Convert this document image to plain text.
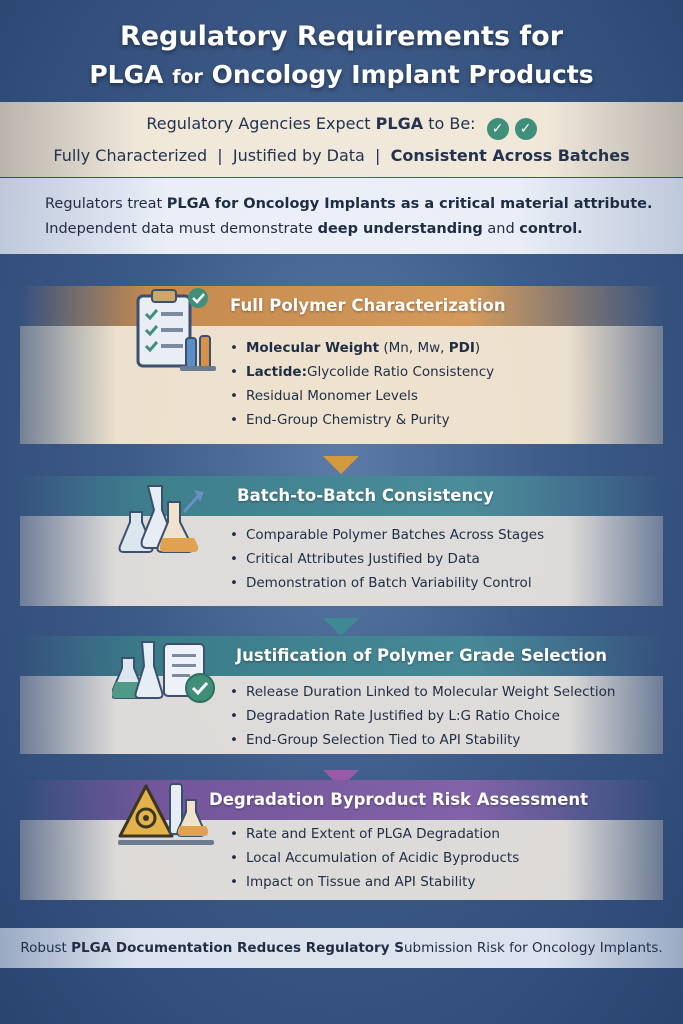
Regulatory Requirements for
PLGA for Oncology Implant Products
Regulatory Agencies Expect PLGA to Be: ✓ ✓
Fully Characterized | Justified by Data | Consistent Across Batches
Regulators treat PLGA for Oncology Implants as a critical material attribute.
Independent data must demonstrate deep understanding and control.
Full Polymer Characterization
• Molecular Weight (Mn, Mw, PDI)
• Lactide:Glycolide Ratio Consistency
• Residual Monomer Levels
• End-Group Chemistry & Purity
Batch-to-Batch Consistency
• Comparable Polymer Batches Across Stages
• Critical Attributes Justified by Data
• Demonstration of Batch Variability Control
Justification of Polymer Grade Selection
• Release Duration Linked to Molecular Weight Selection
• Degradation Rate Justified by L:G Ratio Choice
• End-Group Selection Tied to API Stability
Degradation Byproduct Risk Assessment
• Rate and Extent of PLGA Degradation
• Local Accumulation of Acidic Byproducts
• Impact on Tissue and API Stability
Robust PLGA Documentation Reduces Regulatory Submission Risk for Oncology Implants.
